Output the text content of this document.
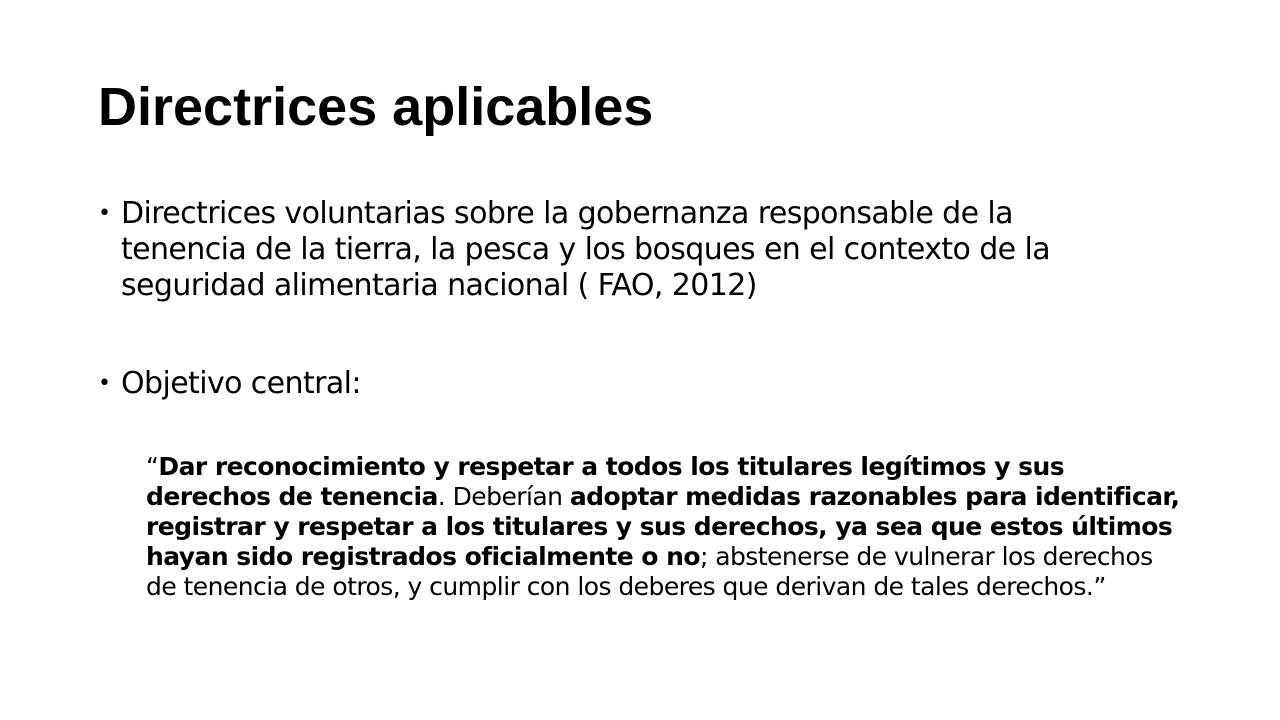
Directrices aplicables
• Directrices voluntarias sobre la gobernanza responsable de la tenencia de la tierra, la pesca y los bosques en el contexto de la seguridad alimentaria nacional ( FAO, 2012)
• Objetivo central:
“Dar reconocimiento y respetar a todos los titulares legítimos y sus derechos de tenencia. Deberían adoptar medidas razonables para identificar, registrar y respetar a los titulares y sus derechos, ya sea que estos últimos hayan sido registrados oficialmente o no; abstenerse de vulnerar los derechos de tenencia de otros, y cumplir con los deberes que derivan de tales derechos.”
